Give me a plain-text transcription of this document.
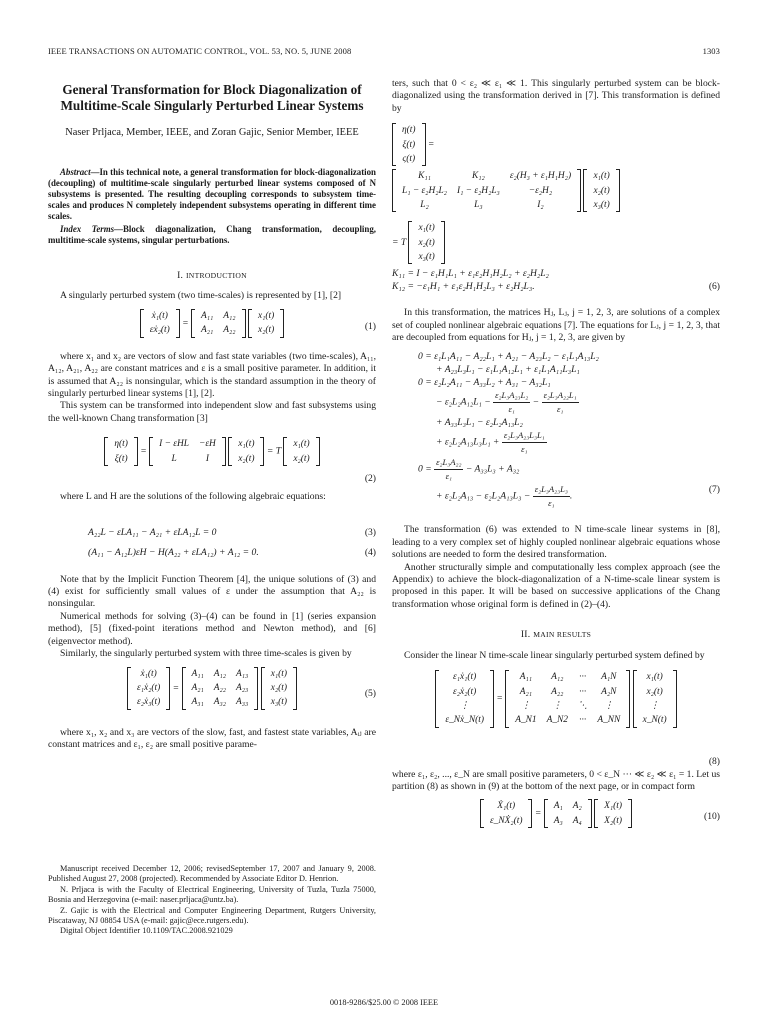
IEEE TRANSACTIONS ON AUTOMATIC CONTROL, VOL. 53, NO. 5, JUNE 2008	1303
General Transformation for Block Diagonalization of
Multitime-Scale Singularly Perturbed Linear Systems
Naser Prljaca, Member, IEEE, and Zoran Gajic, Senior Member, IEEE

Abstract—In this technical note, a general transformation for block-diagonalization (decoupling) of multitime-scale singularly perturbed linear systems composed of N subsystems is presented. The resulting decoupling corresponds to subsystem time-scales and produces N completely independent subsystems operating in different time scales.

Index Terms—Block diagonalization, Chang transformation, decoupling, multitime-scale systems, singular perturbations.

I. INTRODUCTION

A singularly perturbed system (two time-scales) is represented by [1], [2]

ẋ₁(t)
εẋ₂(t)
=
A₁₁	A₁₂
A₂₁	A₂₂

x₁(t)
x₂(t)	(1)

where x₁ and x₂ are vectors of slow and fast state variables (two time-scales), A₁₁, A₁₂, A₂₁, A₂₂ are constant matrices and ε is a small positive parameter. In addition, it is assumed that A₂₂ is nonsingular, which is the standard assumption in the theory of singularly perturbed linear systems [1], [2].

This system can be transformed into independent slow and fast subsystems using the well-known Chang transformation [3]

η(t)
ξ(t)
=
I − εHL	−εH
L	I

x₁(t)
x₂(t)
= T
x₁(t)
x₂(t)
(2)

where L and H are the solutions of the following algebraic equations:

A₂₂L − εLA₁₁ − A₂₁ + εLA₁₂L = 0	(3)
(A₁₁ − A₁₂L)εH − H(A₂₂ + εLA₁₂) + A₁₂ = 0.	(4)

Note that by the Implicit Function Theorem [4], the unique solutions of (3) and (4) exist for sufficiently small values of ε under the assumption that A₂₂ is nonsingular.

Numerical methods for solving (3)–(4) can be found in [1] (series expansion method), [5] (fixed-point iterations method and Newton method), and [6] (eigenvector method).

Similarly, the singularly perturbed system with three time-scales is given by

ẋ₁(t)
ε₁ẋ₂(t)
ε₂ẋ₃(t)
=
A₁₁	A₁₂	A₁₃
A₂₁	A₂₂	A₂₃
A₃₁	A₃₂	A₃₃

x₁(t)
x₂(t)
x₃(t)
(5)

where x₁, x₂ and x₃ are vectors of the slow, fast, and fastest state variables, Aᵢⱼ are constant matrices and ε₁, ε₂ are small positive parame-

Manuscript received December 12, 2006; revisedSeptember 17, 2007 and January 9, 2008. Published August 27, 2008 (projected). Recommended by Associate Editor D. Henrion.

N. Prljaca is with the Faculty of Electrical Engineering, University of Tuzla, Tuzla 75000, Bosnia and Herzegovina (e-mail: naser.prljaca@untz.ba).

Z. Gajic is with the Electrical and Computer Engineering Department, Rutgers University, Piscataway, NJ 08854 USA (e-mail: gajic@ece.rutgers.edu).

Digital Object Identifier 10.1109/TAC.2008.921029

ters, such that 0 < ε₂ ≪ ε₁ ≪ 1. This singularly perturbed system can be block-diagonalized using the transformation derived in [7]. This transformation is defined by

η(t)
ξ(t)
ς(t)
=
K₁₁	K₁₂	ε₂(H₃ + ε₁H₁H₂)
L₁ − ε₂H₂L₂	I₁ − ε₂H₂L₃	−ε₂H₂
L₂	L₃	I₂

x₁(t)
x₂(t)
x₃(t)
= T
x₁(t)
x₂(t)
x₃(t)
K₁₁ = I − ε₁H₁L₁ + ε₁ε₂H₁H₂L₂ + ε₂H₂L₂
K₁₂ = −ε₁H₁ + ε₁ε₂H₁H₂L₃ + ε₂H₂L₃.	(6)

In this transformation, the matrices Hⱼ, Lⱼ, j = 1, 2, 3, are solutions of a complex set of coupled nonlinear algebraic equations [7]. The equations for Lⱼ, j = 1, 2, 3, that are decoupled from equations for Hⱼ, j = 1, 2, 3, are given by

0 = ε₁L₁A₁₁ − A₂₂L₁ + A₂₁ − A₂₃L₂ − ε₁L₁A₁₃L₂
+ A₂₃L₃L₁ − ε₁L₁A₁₂L₁ + ε₁L₁A₁₁L₃L₁
0 = ε₂L₂A₁₁ − A₃₃L₂ + A₃₁ − A₃₂L₁
− $\varepsilon_2L_2A_{12}L_1 - \frac{\text{ε₂L₃A₂₃L₂}}{\text{ε₁}} - \frac{\text{ε₂L₃A₂₂L₁}}{\text{ε₁}}$
+ A₃₃L₃L₁ − ε₂L₂A₁₃L₂
+ $\varepsilon_2L_2A_{13}L_3L_1 + \frac{\text{ε₂L₃A₂₃L₃L₁}}{\text{ε₁}}$
$0 = \frac{\text{ε₂L₃A₂₂}}{\text{ε₁}} - A_{33}L_3 + A_{32}$
+ $\varepsilon_2L_2A_{13} - \varepsilon_2L_2A_{13}L_3 - \frac{\text{ε₂L₃A₂₃L₃}}{\text{ε₁}}$ .
(7)

The transformation (6) was extended to N time-scale linear systems in [8], leading to a very complex set of highly coupled nonlinear algebraic equations whose solutions are needed to form the desired transformation.

Another structurally simple and computationally less complex approach (see the Appendix) to achieve the block-diagonalization of a N-time-scale linear system is proposed in this paper. It will be based on successive applications of the Chang transformation whose original form is defined in (2)–(4).

II. MAIN RESULTS

Consider the linear N time-scale linear singularly perturbed system defined by

ε₁ẋ₁(t)
ε₂ẋ₂(t)
⋮
ε_Nẋ_N(t)
=
A₁₁	A₁₂	···	A₁N
A₂₁	A₂₂	···	A₂N
⋮	⋮	⋱	⋮
A_N1	A_N2	···	A_NN

x₁(t)
x₂(t)
⋮
x_N(t)
(8)

where ε₁, ε₂, ..., ε_N are small positive parameters, 0 < ε_N ··· ≪ ε₂ ≪ ε₁ = 1. Let us partition (8) as shown in (9) at the bottom of the next page, or in compact form

Ẋ₁(t)
ε_NẊ₂(t)
=
A₁	A₂
A₃	A₄

X₁(t)
X₂(t)	(10)
0018-9286/$25.00 © 2008 IEEE
